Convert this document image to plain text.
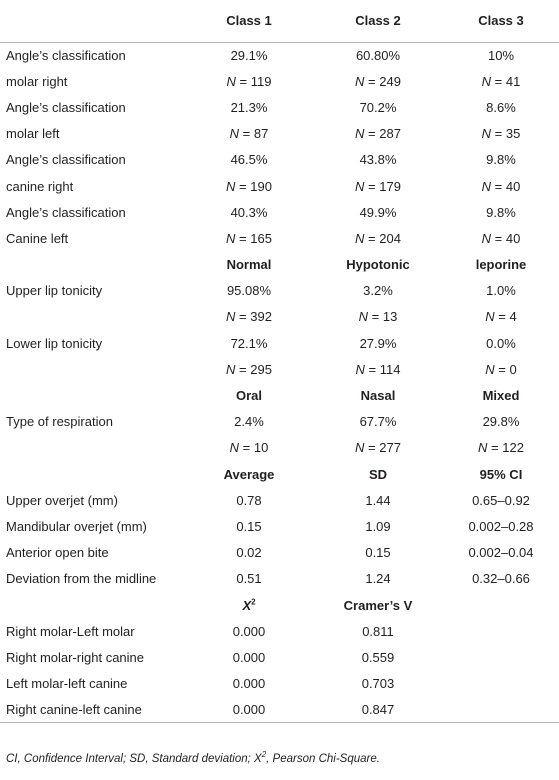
	Class 1	Class 2	Class 3
Angle’s classification	29.1%	60.80%	10%
molar right	N = 119	N = 249	N = 41
Angle’s classification	21.3%	70.2%	8.6%
molar left	N = 87	N = 287	N = 35
Angle’s classification	46.5%	43.8%	9.8%
canine right	N = 190	N = 179	N = 40
Angle’s classification	40.3%	49.9%	9.8%
Canine left	N = 165	N = 204	N = 40
	Normal	Hypotonic	leporine
Upper lip tonicity	95.08%	3.2%	1.0%
	N = 392	N = 13	N = 4
Lower lip tonicity	72.1%	27.9%	0.0%
	N = 295	N = 114	N = 0
	Oral	Nasal	Mixed
Type of respiration	2.4%	67.7%	29.8%
	N = 10	N = 277	N = 122
	Average	SD	95% CI
Upper overjet (mm)	0.78	1.44	0.65–0.92
Mandibular overjet (mm)	0.15	1.09	0.002–0.28
Anterior open bite	0.02	0.15	0.002–0.04
Deviation from the midline	0.51	1.24	0.32–0.66
	$X^2$	Cramer’s V	
Right molar-Left molar	0.000	0.811	
Right molar-right canine	0.000	0.559	
Left molar-left canine	0.000	0.703	
Right canine-left canine	0.000	0.847	
CI, Confidence Interval; SD, Standard deviation; $X^2$, Pearson Chi-Square.
